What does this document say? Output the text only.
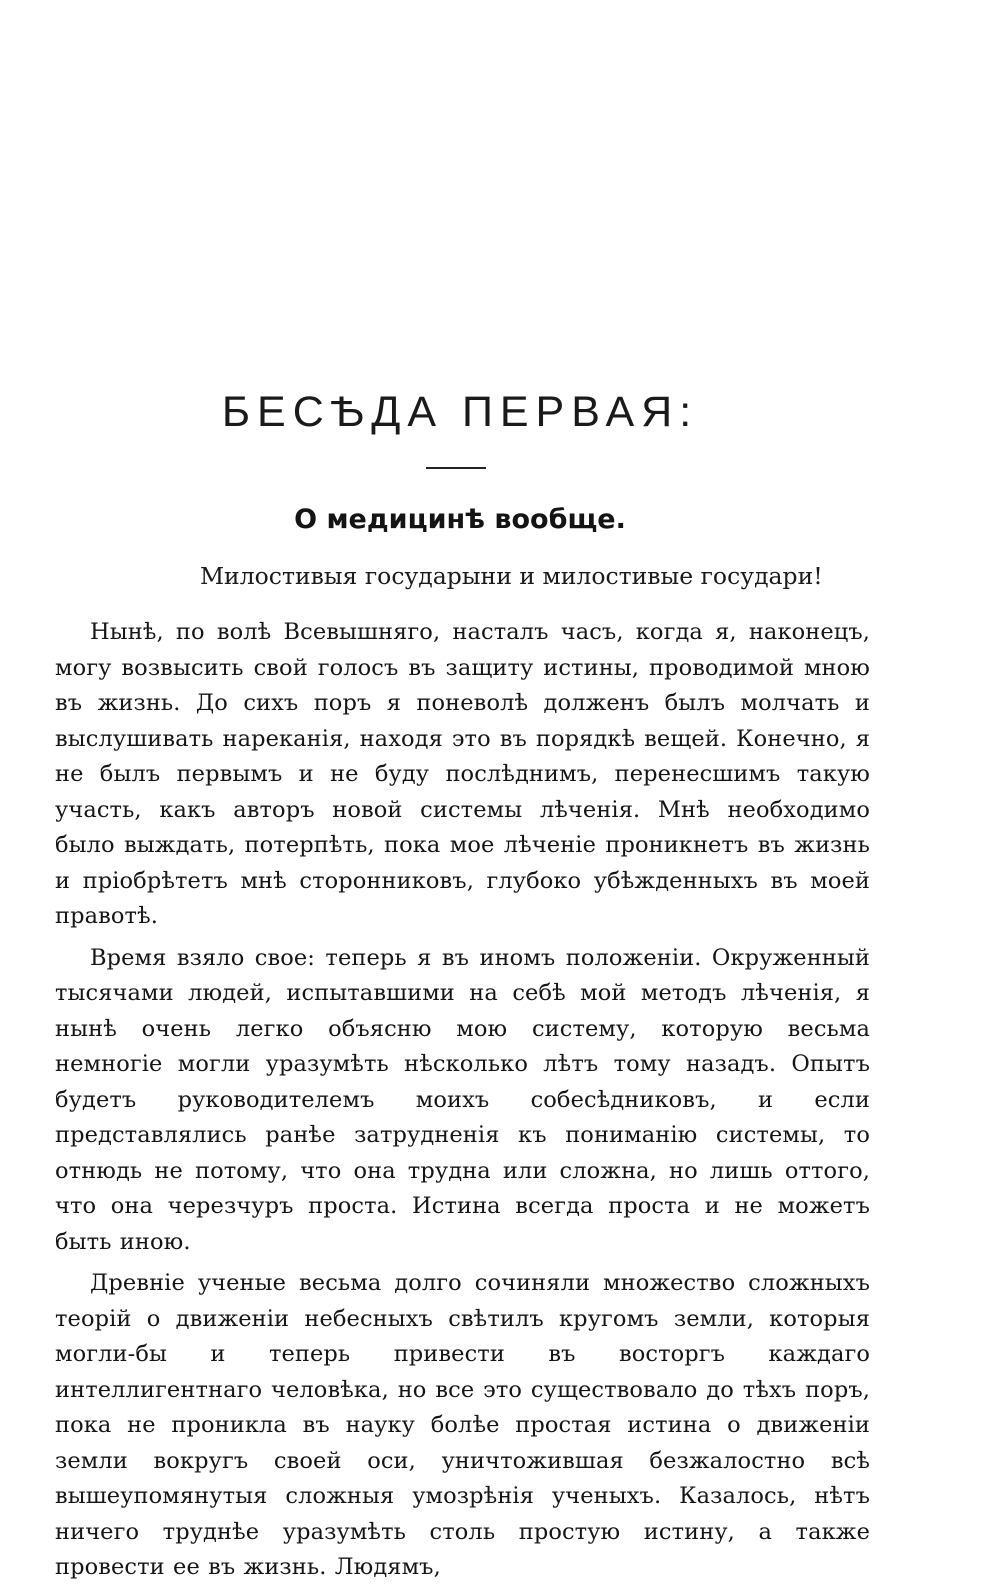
БЕСѢДА ПЕРВАЯ:
О медицинѣ вообще.

Милостивыя государыни и милостивые государи!

Нынѣ, по волѣ Всевышняго, насталъ часъ, когда я, наконецъ, могу возвысить свой голосъ въ защиту истины, проводимой мною въ жизнь. До сихъ поръ я поневолѣ долженъ былъ молчать и выслушивать нареканія, находя это въ порядкѣ вещей. Конечно, я не былъ первымъ и не буду послѣднимъ, перенесшимъ такую участь, какъ авторъ новой системы лѣченія. Мнѣ необходимо было выждать, потерпѣть, пока мое лѣченіе проникнетъ въ жизнь и пріобрѣтетъ мнѣ сторонниковъ, глубоко убѣжденныхъ въ моей правотѣ.

Время взяло свое: теперь я въ иномъ положеніи. Окруженный тысячами людей, испытавшими на себѣ мой методъ лѣченія, я нынѣ очень легко объясню мою систему, которую весьма немногіе могли уразумѣть нѣсколько лѣтъ тому назадъ. Опытъ будетъ руководителемъ моихъ собесѣдниковъ, и если представлялись ранѣе затрудненія къ пониманію системы, то отнюдь не потому, что она трудна или сложна, но лишь оттого, что она черезчуръ проста. Истина всегда проста и не можетъ быть иною.

Древніе ученые весьма долго сочиняли множество сложныхъ теорій о движеніи небесныхъ свѣтилъ кругомъ земли, которыя могли-бы и теперь привести въ восторгъ каждаго интеллигентнаго человѣка, но все это существовало до тѣхъ поръ, пока не проникла въ науку болѣе простая истина о движеніи земли вокругъ своей оси, уничтожившая безжалостно всѣ вышеупомянутыя сложныя умозрѣнія ученыхъ. Казалось, нѣтъ ничего труднѣе уразумѣть столь простую истину, а также провести ее въ жизнь. Людямъ,
